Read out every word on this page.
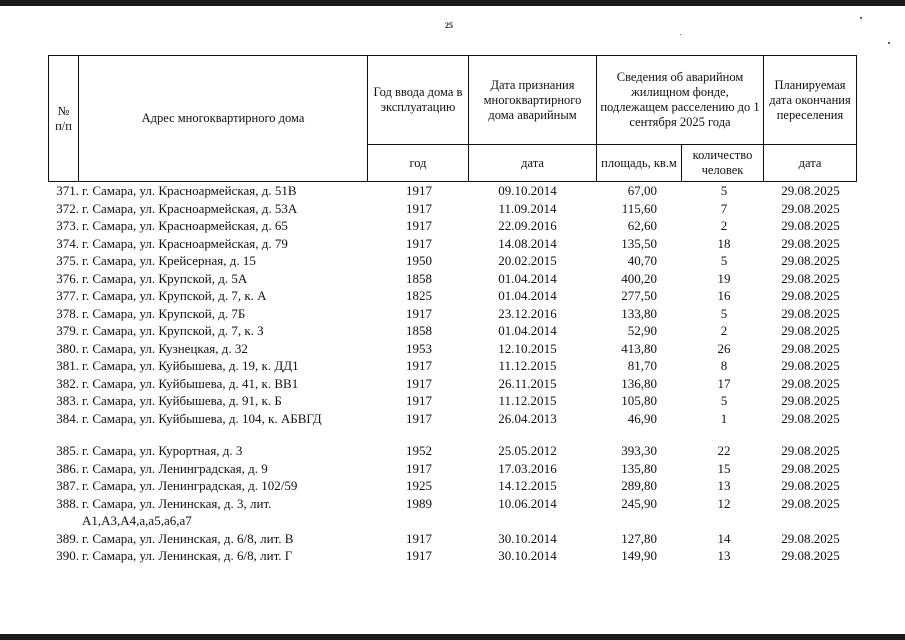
25
№ п/п	Адрес многоквартирного дома	Год ввода дома в эксплуатацию	Дата признания многоквартирного дома аварийным	Сведения об аварийном жилищном фонде, подлежащем расселению до 1 сентября 2025 года		Планируемая дата окончания переселения
		год	дата	площадь, кв.м	количество человек	дата
371.	г. Самара, ул. Красноармейская, д. 51В	1917	09.10.2014	67,00	5	29.08.2025
372.	г. Самара, ул. Красноармейская, д. 53А	1917	11.09.2014	115,60	7	29.08.2025
373.	г. Самара, ул. Красноармейская, д. 65	1917	22.09.2016	62,60	2	29.08.2025
374.	г. Самара, ул. Красноармейская, д. 79	1917	14.08.2014	135,50	18	29.08.2025
375.	г. Самара, ул. Крейсерная, д. 15	1950	20.02.2015	40,70	5	29.08.2025
376.	г. Самара, ул. Крупской, д. 5А	1858	01.04.2014	400,20	19	29.08.2025
377.	г. Самара, ул. Крупской, д. 7, к. А	1825	01.04.2014	277,50	16	29.08.2025
378.	г. Самара, ул. Крупской, д. 7Б	1917	23.12.2016	133,80	5	29.08.2025
379.	г. Самара, ул. Крупской, д. 7, к. З	1858	01.04.2014	52,90	2	29.08.2025
380.	г. Самара, ул. Кузнецкая, д. 32	1953	12.10.2015	413,80	26	29.08.2025
381.	г. Самара, ул. Куйбышева, д. 19, к. ДД1	1917	11.12.2015	81,70	8	29.08.2025
382.	г. Самара, ул. Куйбышева, д. 41, к. ВВ1	1917	26.11.2015	136,80	17	29.08.2025
383.	г. Самара, ул. Куйбышева, д. 91, к. Б	1917	11.12.2015	105,80	5	29.08.2025
384.	г. Самара, ул. Куйбышева, д. 104, к. АБВГД	1917	26.04.2013	46,90	1	29.08.2025

385.	г. Самара, ул. Курортная, д. 3	1952	25.05.2012	393,30	22	29.08.2025
386.	г. Самара, ул. Ленинградская, д. 9	1917	17.03.2016	135,80	15	29.08.2025
387.	г. Самара, ул. Ленинградская, д. 102/59	1925	14.12.2015	289,80	13	29.08.2025
388.	г. Самара, ул. Ленинская, д. 3, лит. А1,А3,А4,а,а5,а6,а7	1989	10.06.2014	245,90	12	29.08.2025
389.	г. Самара, ул. Ленинская, д. 6/8, лит. В	1917	30.10.2014	127,80	14	29.08.2025
390.	г. Самара, ул. Ленинская, д. 6/8, лит. Г	1917	30.10.2014	149,90	13	29.08.2025
